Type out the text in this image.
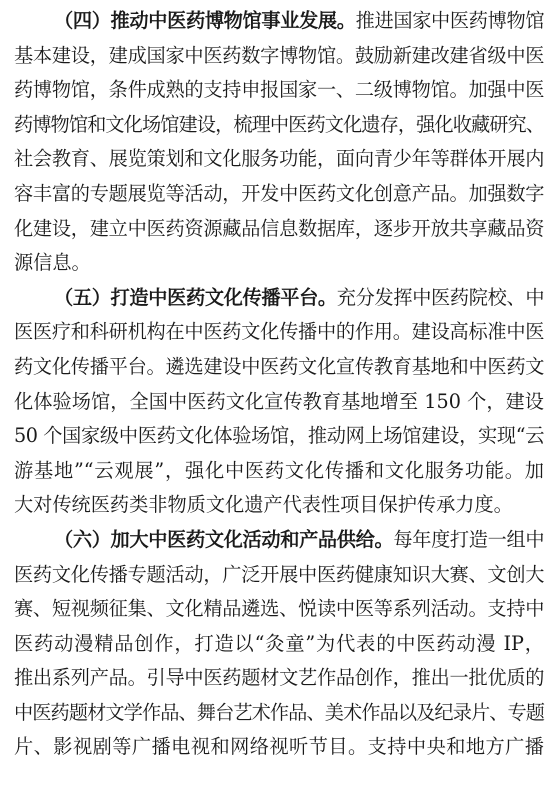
（四）推动中医药博物馆事业发展。推进国家中医药博物馆
基本建设，建成国家中医药数字博物馆。鼓励新建改建省级中医
药博物馆，条件成熟的支持申报国家一、二级博物馆。加强中医
药博物馆和文化场馆建设，梳理中医药文化遗存，强化收藏研究、
社会教育、展览策划和文化服务功能，面向青少年等群体开展内
容丰富的专题展览等活动，开发中医药文化创意产品。加强数字
化建设，建立中医药资源藏品信息数据库，逐步开放共享藏品资
源信息。
（五）打造中医药文化传播平台。充分发挥中医药院校、中
医医疗和科研机构在中医药文化传播中的作用。建设高标准中医
药文化传播平台。遴选建设中医药文化宣传教育基地和中医药文
化体验场馆，全国中医药文化宣传教育基地增至 150 个，建设
50 个国家级中医药文化体验场馆，推动网上场馆建设，实现“云
游基地”“云观展”，强化中医药文化传播和文化服务功能。加
大对传统医药类非物质文化遗产代表性项目保护传承力度。
（六）加大中医药文化活动和产品供给。每年度打造一组中
医药文化传播专题活动，广泛开展中医药健康知识大赛、文创大
赛、短视频征集、文化精品遴选、悦读中医等系列活动。支持中
医药动漫精品创作，打造以“灸童”为代表的中医药动漫 IP，
推出系列产品。引导中医药题材文艺作品创作，推出一批优质的
中医药题材文学作品、舞台艺术作品、美术作品以及纪录片、专题
片、影视剧等广播电视和网络视听节目。支持中央和地方广播
